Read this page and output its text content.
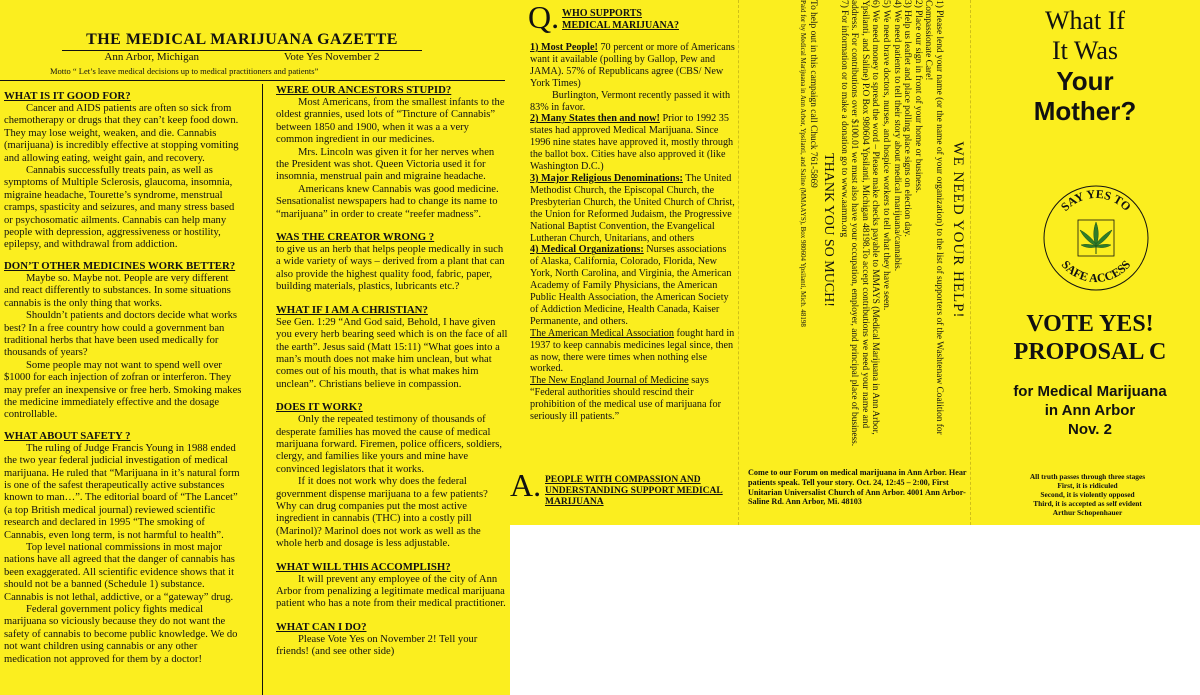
THE MEDICAL MARIJUANA GAZETTE
Ann Arbor, Michigan	Vote Yes November 2
Motto “ Let’s leave medical decisions up to medical practitioners and patients”

WHAT IS IT GOOD FOR?

Cancer and AIDS patients are often so sick from chemotherapy or drugs that they can’t keep food down. They may lose weight, weaken, and die. Cannabis (marijuana) is incredibly effective at stopping vomiting and allowing eating, weight gain, and recovery.

Cannabis successfully treats pain, as well as symptoms of Multiple Sclerosis, glaucoma, insomnia, migraine headache, Tourette’s syndrome, menstrual cramps, spasticity and seizures, and many stress based or psychosomatic ailments. Cannabis can help many people with depression, aggressiveness or hostility, epilepsy, and withdrawal from addiction.

DON’T OTHER MEDICINES WORK BETTER?

Maybe so. Maybe not. People are very different and react differently to substances. In some situations cannabis is the only thing that works.

Shouldn’t patients and doctors decide what works best? In a free country how could a government ban traditional herbs that have been used medically for thousands of years?

Some people may not want to spend well over $1000 for each injection of zofran or interferon. They may prefer an inexpensive or free herb. Smoking makes the medicine immediately effective and the dosage controllable.

WHAT ABOUT SAFETY ?

The ruling of Judge Francis Young in 1988 ended the two year federal judicial investigation of medical marijuana. He ruled that “Marijuana in it’s natural form is one of the safest therapeutically active substances known to man…”. The editorial board of “The Lancet” (a top British medical journal) reviewed scientific research and declared in 1995 “The smoking of Cannabis, even long term, is not harmful to health”.

Top level national commissions in most major nations have all agreed that the danger of cannabis has been exaggerated. All scientific evidence shows that it should not be a banned (Schedule 1) substance. Cannabis is not lethal, addictive, or a “gateway” drug.

Federal government policy fights medical marijuana so viciously because they do not want the safety of cannabis to become public knowledge. We do not want children using cannabis or any other medication not approved for them by a doctor!

WERE OUR ANCESTORS STUPID?

Most Americans, from the smallest infants to the oldest grannies, used lots of “Tincture of Cannabis” between 1850 and 1900, when it was a a very common ingredient in our medicines.

Mrs. Lincoln was given it for her nerves when the President was shot. Queen Victoria used it for insomnia, menstrual pain and migraine headache.

Americans knew Cannabis was good medicine. Sensationalist newspapers had to change its name to “marijuana” in order to create “reefer madness”.

WAS THE CREATOR WRONG ?

to give us an herb that helps people medically in such a wide variety of ways – derived from a plant that can also provide the highest quality food, fabric, paper, building materials, plastics, lubricants etc.?

WHAT IF I AM A CHRISTIAN?

See Gen. 1:29 “And God said, Behold, I have given you every herb bearing seed which is on the face of all the earth”. Jesus said (Matt 15:11) “What goes into a man’s mouth does not make him unclean, but what comes out of his mouth, that is what makes him unclean”. Christians believe in compassion.

DOES IT WORK?

Only the repeated testimony of thousands of desperate families has moved the cause of medical marijuana forward. Firemen, police officers, soldiers, clergy, and families like yours and mine have convinced legislators that it works.

If it does not work why does the federal government dispense marijuana to a few patients? Why can drug companies put the most active ingredient in cannabis (THC) into a costly pill (Marinol)? Marinol does not work as well as the whole herb and dosage is less adjustable.

WHAT WILL THIS ACCOMPLISH?

It will prevent any employee of the city of Ann Arbor from penalizing a legitimate medical marijuana patient who has a note from their medical practitioner.

WHAT CAN I DO?

Please Vote Yes on November 2! Tell your friends! (and see other side)

Q. WHO SUPPORTS
MEDICAL MARIJUANA?

1) Most People! 70 percent or more of Americans want it available (polling by Gallop, Pew and JAMA). 57% of Republicans agree (CBS/ New York Times)

Burlington, Vermont recently passed it with 83% in favor.

2) Many States then and now! Prior to 1992 35 states had approved Medical Marijuana. Since 1996 nine states have approved it, mostly through the ballot box. Cities have also approved it (like Washington D.C.)

3) Major Religious Denominations: The United Methodist Church, the Episcopal Church, the Presbyterian Church, the United Church of Christ, the Union for Reformed Judaism, the Progressive National Baptist Convention, the Evangelical Lutheran Church, Unitarians, and others

4) Medical Organizations: Nurses associations of Alaska, California, Colorado, Florida, New York, North Carolina, and Virginia, the American Academy of Family Physicians, the American Public Health Association, the American Society of Addiction Medicine, Health Canada, Kaiser Permanente, and others.

The American Medical Association fought hard in 1937 to keep cannabis medicines legal since, then as now, there were times when nothing else worked.

The New England Journal of Medicine says “Federal authorities should rescind their prohibition of the medical use of marijuana for seriously ill patients.”

A. PEOPLE WITH COMPASSION AND UNDERSTANDING SUPPORT MEDICAL MARIJUANA
WE NEED YOUR HELP!

1) Please lend your name (or the name of your organization) to the list of supporters of the Washtenaw Coalition for Compassionate Care!

2) Place our sign in front of your home or business.

3) Help us leaflet and place polling place signs on election day.

4) We need patients to tell their story about medical marijuana/cannabis.

5) We need brave doctors, nurses, and hospice workers to tell what they have seen.

6) We need money to spread the word – Please make checks payable to MMAYS (Medical Marijuana in Ann Arbor, Ypsilanti, and Saline) P.O Box 980604 Ypsilanti, Michigan 48198.To accept contributions we need your name and address. For contributions over $100.01 we must also have your occupation, employer, and principal place of business.

7) For information or to make a donation go to www.aamm.org

THANK YOU SO MUCH!

To help out in this campaign call Chuck 761-5869

Paid for by Medical Marijuana in Ann Arbor, Ypsilanti, and Saline (MMAAYS), Box 980604 Ypsilanti, Mich. 48198

Come to our Forum on medical marijuana in Ann Arbor. Hear patients speak. Tell your story. Oct. 24, 12:45 – 2:00, First Unitarian Universalist Church of Ann Arbor. 4001 Ann Arbor-Saline Rd. Ann Arbor, Mi. 48103
What If
It Was
Your
Mother?
SAY YES TO
SAFE ACCESS
VOTE YES!
PROPOSAL C
for Medical Marijuana
in Ann Arbor
Nov. 2
All truth passes through three stages
First, it is ridiculed
Second, it is violently opposed
Third, it is accepted as self evident
Arthur Schopenhauer
